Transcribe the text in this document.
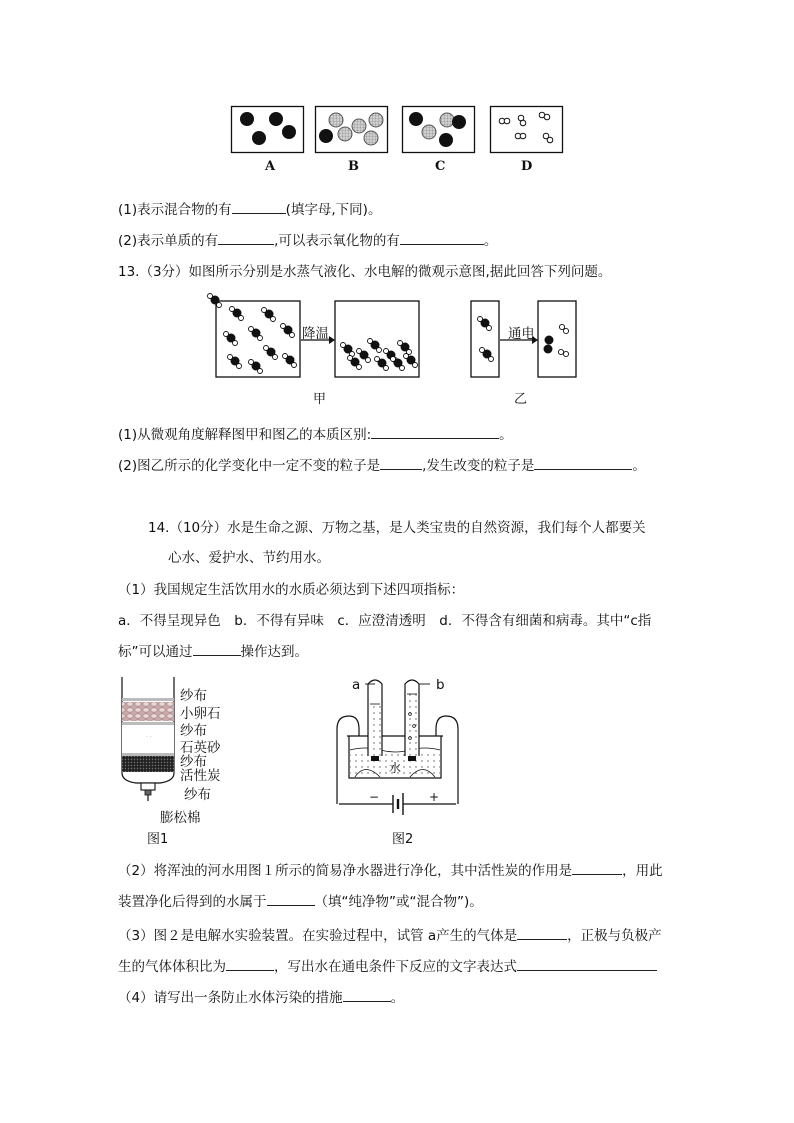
A	B	C	D
(1)表示混合物的有	(填字母,下同)。
(2)表示单质的有	,可以表示氧化物的有	。
13.（3分）如图所示分别是水蒸气液化、水电解的微观示意图,据此回答下列问题。
降温
甲
通电
乙
(1)从微观角度解释图甲和图乙的本质区别:	。
(2)图乙所示的化学变化中一定不变的粒子是	,发生改变的粒子是	。
14.（10分）水是生命之源、万物之基，是人类宝贵的自然资源，我们每个人都要关
心水、爱护水、节约用水。
（1）我国规定生活饮用水的水质必须达到下述四项指标：
a．不得呈现异色　b．不得有异味　c．应澄清透明　d．不得含有细菌和病毒。其中“c指
标”可以通过	操作达到。
· ·
纱布
小卵石
纱布
石英砂
纱布
活性炭
纱布
膨松棉
图1
a	b
水
−	+
图2
（2）将浑浊的河水用图１所示的简易净水器进行净化，其中活性炭的作用是	，用此
装置净化后得到的水属于	（填“纯净物”或“混合物”)。
（3）图２是电解水实验装置。在实验过程中，试管 a产生的气体是	，正极与负极产
生的气体体积比为	，写出水在通电条件下反应的文字表达式
（4）请写出一条防止水体污染的措施	。
